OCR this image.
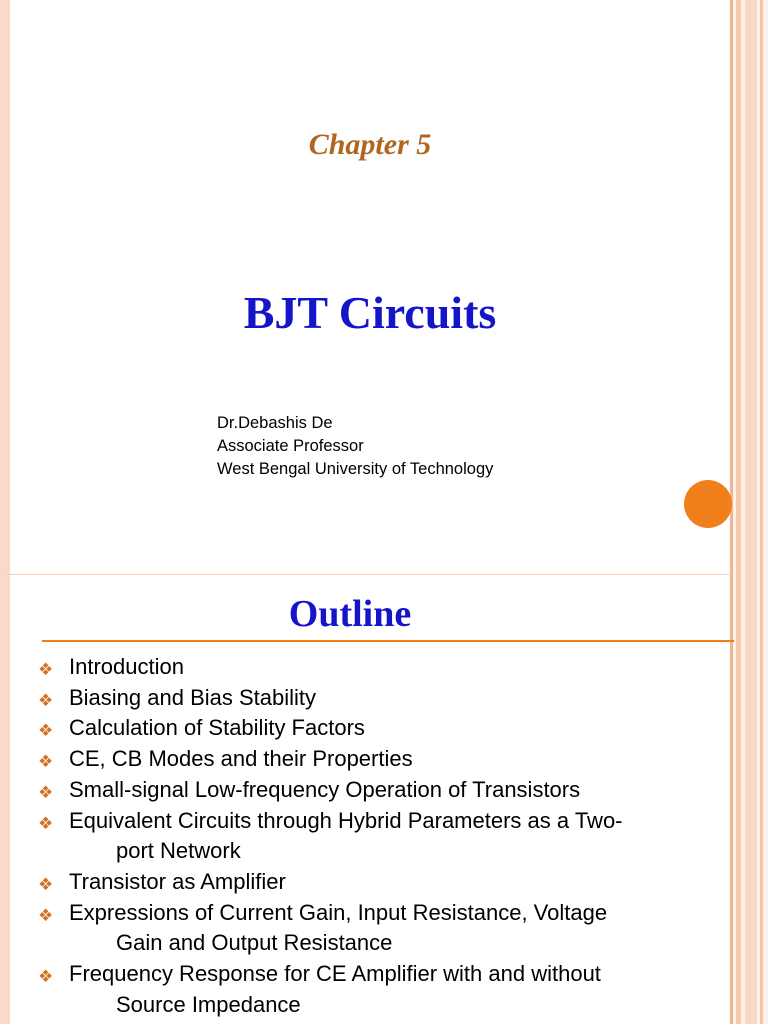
Chapter 5
BJT Circuits
Dr.Debashis De
Associate Professor
West Bengal University of Technology
Outline
❖ Introduction
❖ Biasing and Bias Stability
❖ Calculation of Stability Factors
❖ CE, CB Modes and their Properties
❖ Small-signal Low-frequency Operation of Transistors
❖ Equivalent Circuits through Hybrid Parameters as a Two-
port Network
❖ Transistor as Amplifier
❖ Expressions of Current Gain, Input Resistance, Voltage
Gain and Output Resistance
❖ Frequency Response for CE Amplifier with and without
Source Impedance
